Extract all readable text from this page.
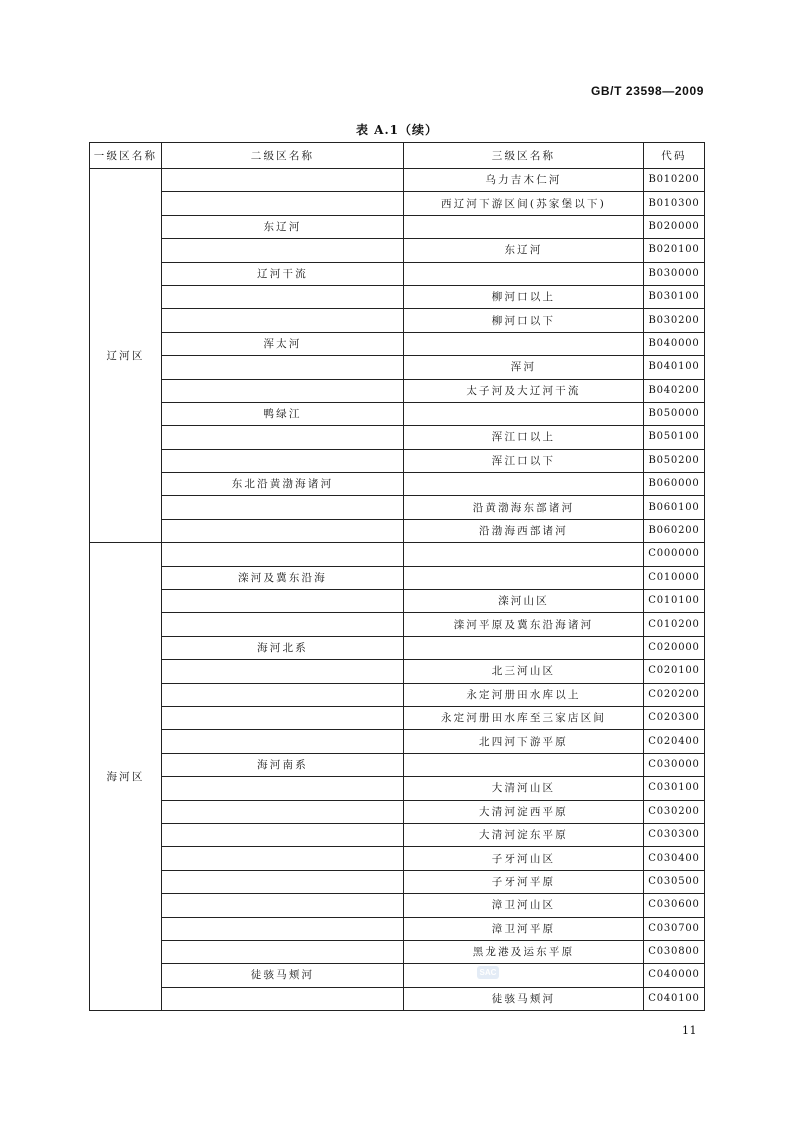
GB/T 23598—2009
表 A.1（续）
一级区名称	二级区名称	三级区名称	代码
辽河区		乌力吉木仁河	B010200
		西辽河下游区间(苏家堡以下)	B010300
	东辽河		B020000
		东辽河	B020100
	辽河干流		B030000
		柳河口以上	B030100
		柳河口以下	B030200
	浑太河		B040000
		浑河	B040100
		太子河及大辽河干流	B040200
	鸭绿江		B050000
		浑江口以上	B050100
		浑江口以下	B050200
	东北沿黄渤海诸河		B060000
		沿黄渤海东部诸河	B060100
		沿渤海西部诸河	B060200
海河区			C000000
	滦河及冀东沿海		C010000
		滦河山区	C010100
		滦河平原及冀东沿海诸河	C010200
	海河北系		C020000
		北三河山区	C020100
		永定河册田水库以上	C020200
		永定河册田水库至三家店区间	C020300
		北四河下游平原	C020400
	海河南系		C030000
		大清河山区	C030100
		大清河淀西平原	C030200
		大清河淀东平原	C030300
		子牙河山区	C030400
		子牙河平原	C030500
		漳卫河山区	C030600
		漳卫河平原	C030700
		黑龙港及运东平原	C030800
	徒骇马颊河		C040000
		徒骇马颊河	C040100
SAC
11
